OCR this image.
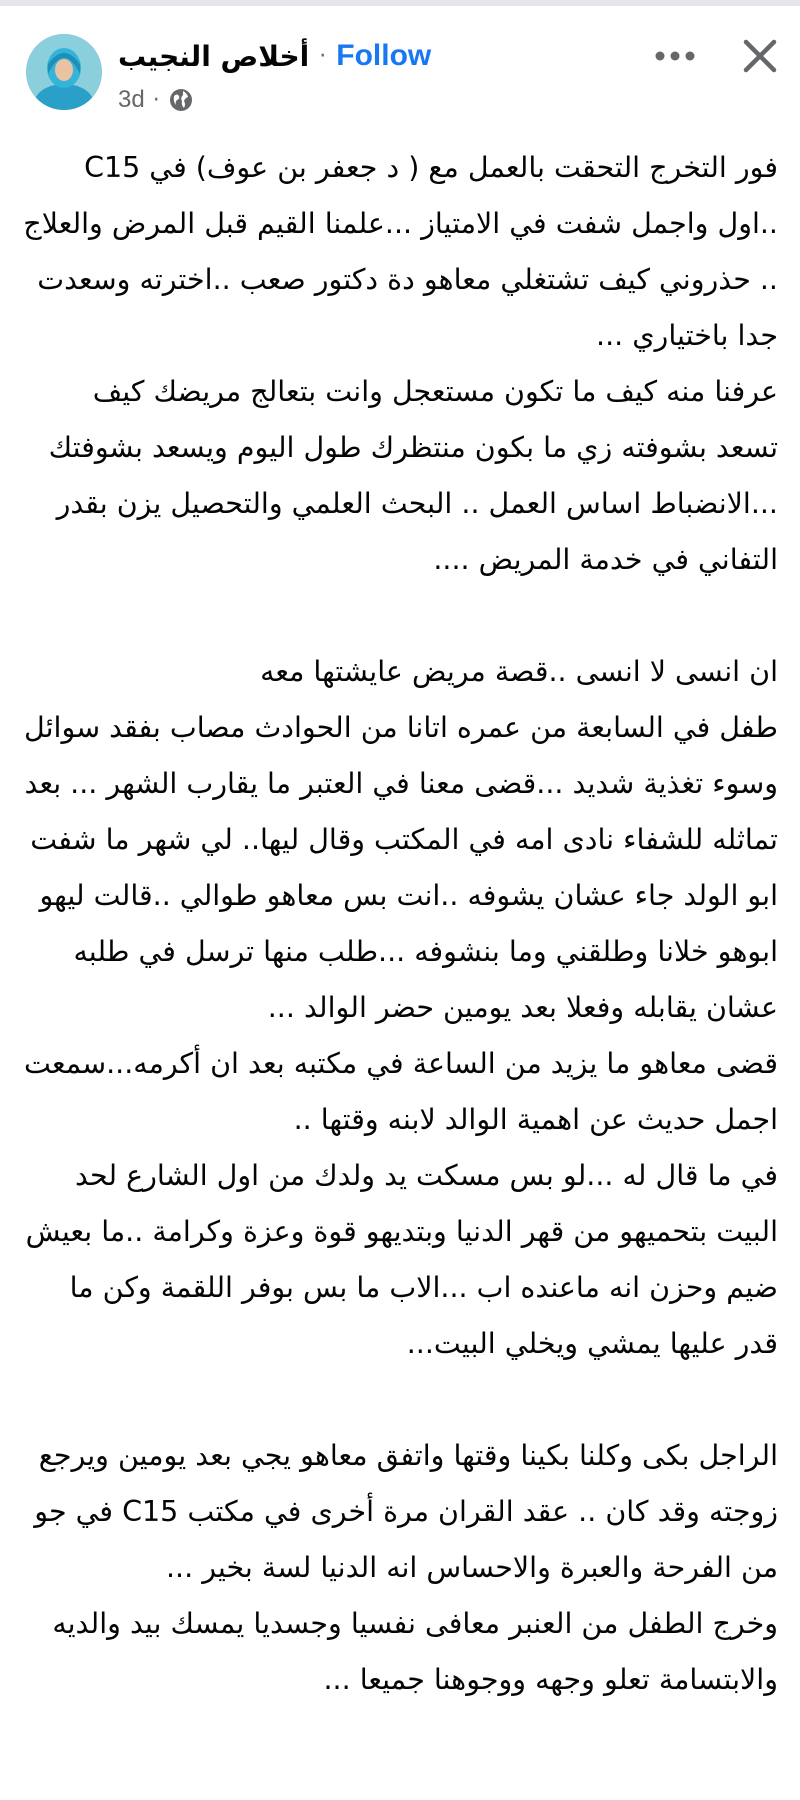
أخلاص النجيب · Follow
3d ·

فور التخرج التحقت بالعمل مع ( د جعفر بن عوف) في C15 ..اول واجمل شفت في الامتياز ...علمنا القيم قبل المرض والعلاج .. حذروني كيف تشتغلي معاهو دة دكتور صعب ..اخترته وسعدت جدا باختياري ...

عرفنا منه كيف ما تكون مستعجل وانت بتعالج مريضك كيف تسعد بشوفته زي ما بكون منتظرك طول اليوم ويسعد بشوفتك ...الانضباط اساس العمل .. البحث العلمي والتحصيل يزن بقدر التفاني في خدمة المريض ....

ان انسى لا انسى ..قصة مريض عايشتها معه

طفل في السابعة من عمره اتانا من الحوادث مصاب بفقد سوائل وسوء تغذية شديد ...قضى معنا في العتبر ما يقارب الشهر ... بعد تماثله للشفاء نادى امه في المكتب وقال ليها.. لي شهر ما شفت ابو الولد جاء عشان يشوفه ..انت بس معاهو طوالي ..قالت ليهو ابوهو خلانا وطلقني وما بنشوفه ...طلب منها ترسل في طلبه عشان يقابله وفعلا بعد يومين حضر الوالد ...

قضى معاهو ما يزيد من الساعة في مكتبه بعد ان أكرمه...سمعت اجمل حديث عن اهمية الوالد لابنه وقتها ..

في ما قال له ...لو بس مسكت يد ولدك من اول الشارع لحد البيت بتحميهو من قهر الدنيا وبتديهو قوة وعزة وكرامة ..ما بعيش ضيم وحزن انه ماعنده اب ...الاب ما بس بوفر اللقمة وكن ما قدر عليها يمشي ويخلي البيت...

الراجل بكى وكلنا بكينا وقتها واتفق معاهو يجي بعد يومين ويرجع زوجته وقد كان .. عقد القران مرة أخرى في مكتب C15 في جو من الفرحة والعبرة والاحساس انه الدنيا لسة بخير ...

وخرج الطفل من العنبر معافى نفسيا وجسديا يمسك بيد والديه والابتسامة تعلو وجهه ووجوهنا جميعا ...
